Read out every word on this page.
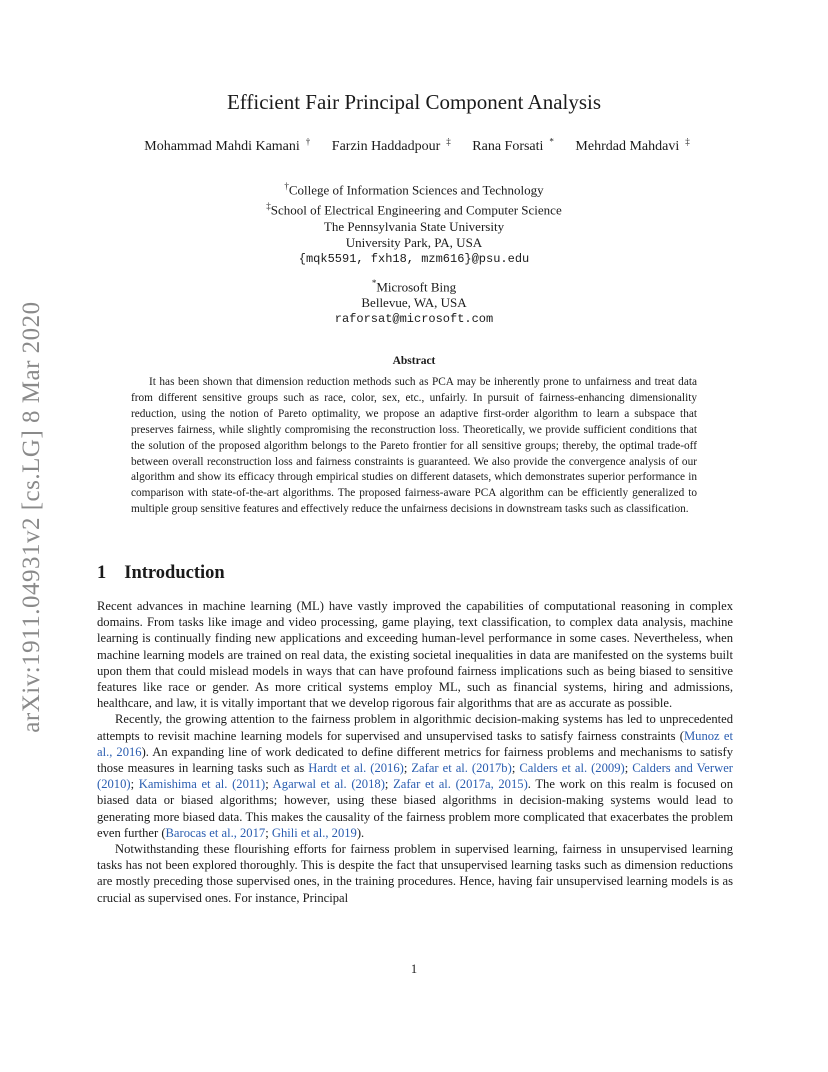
arXiv:1911.04931v2 [cs.LG] 8 Mar 2020
Efficient Fair Principal Component Analysis
Mohammad Mahdi Kamani † Farzin Haddadpour ‡ Rana Forsati * Mehrdad Mahdavi ‡
†College of Information Sciences and Technology
‡School of Electrical Engineering and Computer Science
The Pennsylvania State University
University Park, PA, USA
{mqk5591, fxh18, mzm616}@psu.edu
*Microsoft Bing
Bellevue, WA, USA
raforsat@microsoft.com
Abstract

It has been shown that dimension reduction methods such as PCA may be inherently prone to unfairness and treat data from different sensitive groups such as race, color, sex, etc., unfairly. In pursuit of fairness-enhancing dimensionality reduction, using the notion of Pareto optimality, we propose an adaptive first-order algorithm to learn a subspace that preserves fairness, while slightly compromising the reconstruction loss. Theoretically, we provide sufficient conditions that the solution of the proposed algorithm belongs to the Pareto frontier for all sensitive groups; thereby, the optimal trade-off between overall reconstruction loss and fairness constraints is guaranteed. We also provide the convergence analysis of our algorithm and show its efficacy through empirical studies on different datasets, which demonstrates superior performance in comparison with state-of-the-art algorithms. The proposed fairness-aware PCA algorithm can be efficiently generalized to multiple group sensitive features and effectively reduce the unfairness decisions in downstream tasks such as classification.

1 Introduction

Recent advances in machine learning (ML) have vastly improved the capabilities of computational reasoning in complex domains. From tasks like image and video processing, game playing, text classification, to complex data analysis, machine learning is continually finding new applications and exceeding human-level performance in some cases. Nevertheless, when machine learning models are trained on real data, the existing societal inequalities in data are manifested on the systems built upon them that could mislead models in ways that can have profound fairness implications such as being biased to sensitive features like race or gender. As more critical systems employ ML, such as financial systems, hiring and admissions, healthcare, and law, it is vitally important that we develop rigorous fair algorithms that are as accurate as possible.

Recently, the growing attention to the fairness problem in algorithmic decision-making systems has led to unprecedented attempts to revisit machine learning models for supervised and unsupervised tasks to satisfy fairness constraints (Munoz et al., 2016). An expanding line of work dedicated to define different metrics for fairness problems and mechanisms to satisfy those measures in learning tasks such as Hardt et al. (2016); Zafar et al. (2017b); Calders et al. (2009); Calders and Verwer (2010); Kamishima et al. (2011); Agarwal et al. (2018); Zafar et al. (2017a, 2015). The work on this realm is focused on biased data or biased algorithms; however, using these biased algorithms in decision-making systems would lead to generating more biased data. This makes the causality of the fairness problem more complicated that exacerbates the problem even further (Barocas et al., 2017; Ghili et al., 2019).

Notwithstanding these flourishing efforts for fairness problem in supervised learning, fairness in unsupervised learning tasks has not been explored thoroughly. This is despite the fact that unsupervised learning tasks such as dimension reductions are mostly preceding those supervised ones, in the training procedures. Hence, having fair unsupervised learning models is as crucial as supervised ones. For instance, Principal

1
